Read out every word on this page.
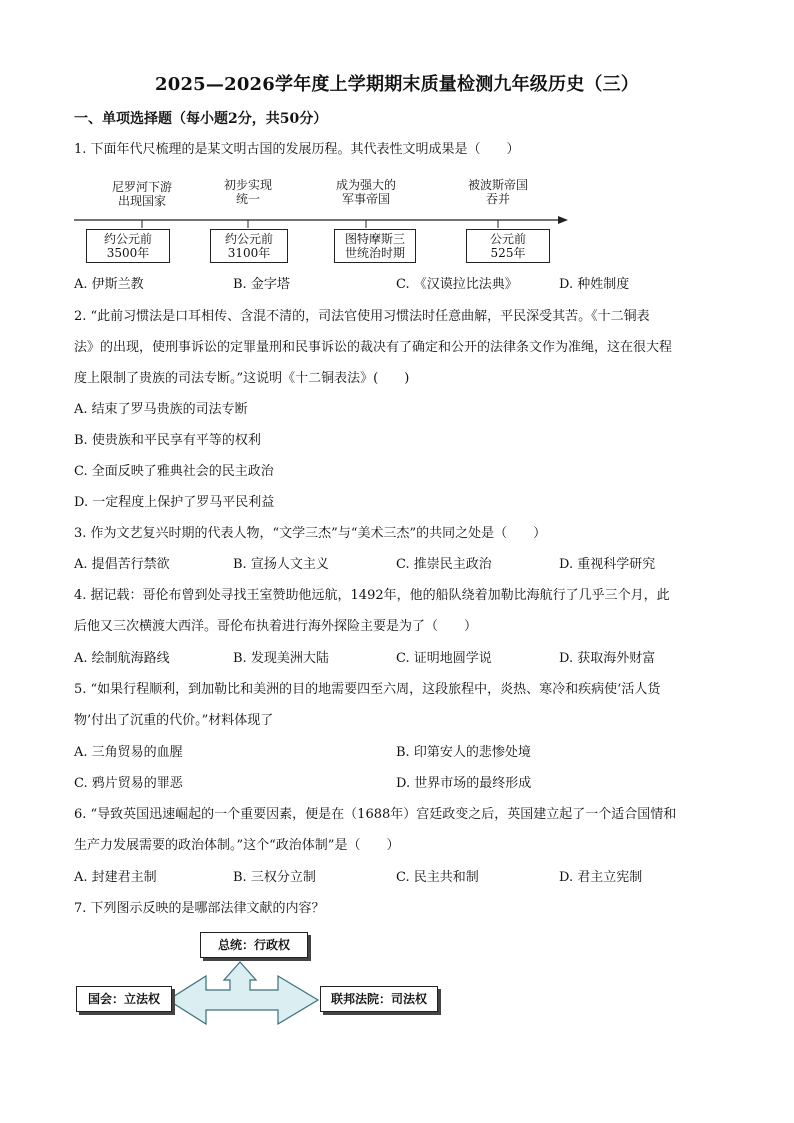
2025—2026学年度上学期期末质量检测九年级历史（三）
一、单项选择题（每小题2分，共50分）
1. 下面年代尺梳理的是某文明古国的发展历程。其代表性文明成果是（　　）
尼罗河下游
出现国家
初步实现
统一
成为强大的
军事帝国
被波斯帝国
吞并
约公元前
3500年
约公元前
3100年
图特摩斯三
世统治时期
公元前
525年
A. 伊斯兰教	B. 金字塔	C. 《汉谟拉比法典》	D. 种姓制度
2. “此前习惯法是口耳相传、含混不清的，司法官使用习惯法时任意曲解，平民深受其苦。《十二铜表
法》的出现，使刑事诉讼的定罪量刑和民事诉讼的裁决有了确定和公开的法律条文作为准绳，这在很大程
度上限制了贵族的司法专断。”这说明《十二铜表法》(　　)
A. 结束了罗马贵族的司法专断
B. 使贵族和平民享有平等的权利
C. 全面反映了雅典社会的民主政治
D. 一定程度上保护了罗马平民利益
3. 作为文艺复兴时期的代表人物，“文学三杰”与“美术三杰”的共同之处是（　　）
A. 提倡苦行禁欲	B. 宣扬人文主义	C. 推崇民主政治	D. 重视科学研究
4. 据记载：哥伦布曾到处寻找王室赞助他远航，1492年，他的船队绕着加勒比海航行了几乎三个月，此
后他又三次横渡大西洋。哥伦布执着进行海外探险主要是为了（　　）
A. 绘制航海路线	B. 发现美洲大陆	C. 证明地圆学说	D. 获取海外财富
5. “如果行程顺利，到加勒比和美洲的目的地需要四至六周，这段旅程中，炎热、寒冷和疾病使‘活人货
物’付出了沉重的代价。”材料体现了
A. 三角贸易的血腥	B. 印第安人的悲惨处境
C. 鸦片贸易的罪恶	D. 世界市场的最终形成
6. “导致英国迅速崛起的一个重要因素，便是在（1688年）宫廷政变之后，英国建立起了一个适合国情和
生产力发展需要的政治体制。”这个“政治体制”是（　　）
A. 封建君主制	B. 三权分立制	C. 民主共和制	D. 君主立宪制
7. 下列图示反映的是哪部法律文献的内容？
总统：行政权
国会：立法权	联邦法院：司法权
